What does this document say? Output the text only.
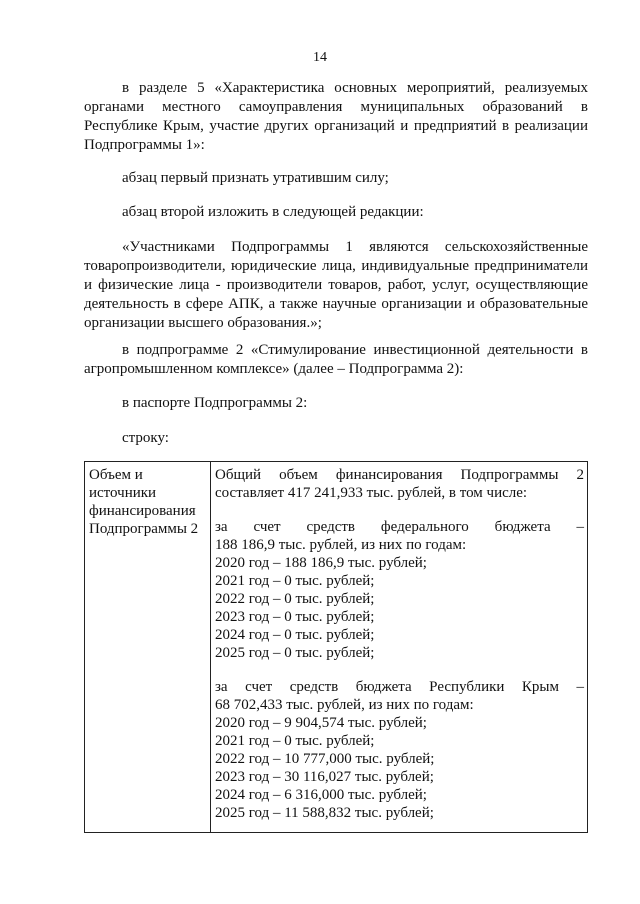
14

в разделе 5 «Характеристика основных мероприятий, реализуемых органами местного самоуправления муниципальных образований в Республике Крым, участие других организаций и предприятий в реализации Подпрограммы 1»:

абзац первый признать утратившим силу;

абзац второй изложить в следующей редакции:

«Участниками Подпрограммы 1 являются сельскохозяйственные товаропроизводители, юридические лица, индивидуальные предприниматели и физические лица - производители товаров, работ, услуг, осуществляющие деятельность в сфере АПК, а также научные организации и образовательные организации высшего образования.»;

в подпрограмме 2 «Стимулирование инвестиционной деятельности в агропромышленном комплексе» (далее – Подпрограмма 2):

в паспорте Подпрограммы 2:

строку:

Объем и
источники
финансирования
Подпрограммы 2
Общий объем финансирования Подпрограммы 2
составляет 417 241,933 тыс. рублей, в том числе:
за счет средств федерального бюджета –
188 186,9 тыс. рублей, из них по годам:
2020 год – 188 186,9 тыс. рублей;
2021 год – 0 тыс. рублей;
2022 год – 0 тыс. рублей;
2023 год – 0 тыс. рублей;
2024 год – 0 тыс. рублей;
2025 год – 0 тыс. рублей;
за счет средств бюджета Республики Крым –
68 702,433 тыс. рублей, из них по годам:
2020 год – 9 904,574 тыс. рублей;
2021 год – 0 тыс. рублей;
2022 год – 10 777,000 тыс. рублей;
2023 год – 30 116,027 тыс. рублей;
2024 год – 6 316,000 тыс. рублей;
2025 год – 11 588,832 тыс. рублей;
